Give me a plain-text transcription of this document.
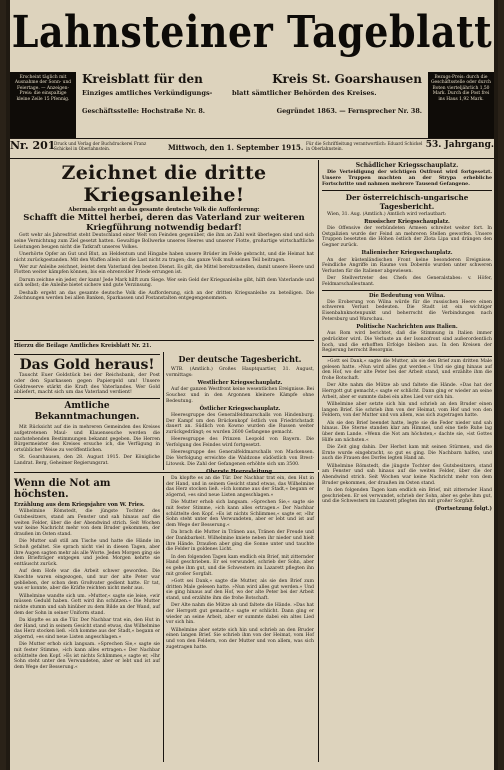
Lahnsteiner Tageblatt
Erscheint täglich mit Ausnahme der Sonn- und Feiertage. — Anzeigen-Preis: die einspaltige kleine Zeile 15 Pfennig.
Bezugs-Preis: durch die Geschäftsstelle oder durch Boten vierteljährlich 1,50 Mark. Durch die Post frei ins Haus 1,92 Mark.
Kreisblatt für den	Kreis St. Goarshausen
Einziges amtliches Verkündigungs-	blatt sämtlicher Behörden des Kreises.
Geschäftsstelle: Hochstraße Nr. 8.	Gegründet 1863. — Fernsprecher Nr. 38.
Nr. 201
Druck und Verlag der Buchdruckerei Franz Schickel in Oberlahnstein.	Mittwoch, den 1. September 1915. Für die Schriftleitung verantwortlich: Eduard Schickel in Oberlahnstein.	53. Jahrgang.
Zeichnet die dritte Kriegsanleihe!
Abermals ergeht an das gesamte deutsche Volk die Aufforderung:
Schafft die Mittel herbei, deren das Vaterland zur weiteren Kriegführung notwendig bedarf!

Gott wehr als Jahresfrist steht Deutschland einer Welt von Feinden gegenüber, die ihm an Zahl weit überlegen sind und sich seine Vernichtung zum Ziel gesetzt hatten. Gewaltige Bollwerke unseres Heeres und unserer Flotte, großartige wirtschaftliche Leistungen beugen nicht die Tatkraft unseres Volkes.

Unerhörte Opfer an Gut und Blut, an Heldentum und Hingabe haben unsere Brüder im Felde gebracht, und die Heimat hat nicht zurückgestanden. Mit den Waffen allein ist die Last nicht zu tragen; das ganze Volk muß seinen Teil beitragen.

Wer zur Anleihe zeichnet, leistet dem Vaterland den besten Dienst. Es gilt, die Mittel bereitzustellen, damit unsere Heere und Flotten weiter kämpfen können, bis ein ehrenvoller Friede errungen ist.

Darum zeichne ein jeder, der kann! Jede Mark hilft zum Siege. Wer sein Geld der Kriegsanleihe gibt, hilft dem Vaterlande und sich selbst; die Anleihe bietet sichere und gute Verzinsung.

Deshalb ergeht an das gesamte deutsche Volk die Aufforderung, sich an der dritten Kriegsanleihe zu beteiligen. Die Zeichnungen werden bei allen Banken, Sparkassen und Postanstalten entgegengenommen.

Hierzu die Beilage Amtliches Kreisblatt Nr. 21.
Das Gold heraus!

Tauscht Euer Goldstück bei der Reichsbank, der Post oder den Sparkassen gegen Papiergeld um! Unsere Goldreserve stärkt die Kraft des Vaterlandes. Wer Gold abliefert, macht sich um das Vaterland verdient!

Amtliche Bekanntmachungen.

Mit Rücksicht auf die in mehreren Gemeinden des Kreises aufgetretenen Maul- und Klauenseuche werden die nachstehenden Bestimmungen bekannt gegeben. Die Herren Bürgermeister des Kreises ersuche ich, die Verfügung in ortsüblicher Weise zu veröffentlichen.

St. Goarshausen, den 28. August 1915. Der Königliche Landrat. Berg, Geheimer Regierungsrat.

Der deutsche Tagesbericht.

WTB. (Amtlich.) Großes Hauptquartier, 31. August, vormittags:

Westlicher Kriegsschauplatz.

Auf der ganzen Westfront keine wesentlichen Ereignisse. Bei Souchez und in den Argonnen kleinere Kämpfe ohne Bedeutung.

Östlicher Kriegsschauplatz.

Heeresgruppe des Generalfeldmarschalls von Hindenburg. Der Kampf um den Brückenkopf östlich von Friedrichstadt dauert an. Südlich von Kowno wurden die Russen weiter zurückgedrängt; es wurden 2600 Gefangene gemacht.

Heeresgruppe des Prinzen Leopold von Bayern. Die Verfolgung des Feindes wird fortgesetzt.

Heeresgruppe des Generalfeldmarschalls von Mackensen. Die Verfolgung erreichte die Waldzone südöstlich von Brest-Litowsk. Die Zahl der Gefangenen erhöhte sich um 3500.

Oberste Heeresleitung.
Schädlicher Kriegsschauplatz.

Die Verteidigung der wichtigen Ostfront wird fortgesetzt. Unsere Truppen machten an der Strypa erhebliche Fortschritte und nahmen mehrere Tausend Gefangene.

Der österreichisch-ungarische Tagesbericht.

Wien, 31. Aug. (Amtlich.) Amtlich wird verlautbart:

Russischer Kriegsschauplatz.

Die Offensive der verbündeten Armeen schreitet weiter fort. In Ostgalizien wurde der Feind an mehreren Stellen geworfen. Unsere Truppen besetzten die Höhen östlich der Zlota Lipa und drängen den Gegner zurück.

Italienischer Kriegsschauplatz.

An der küstenländischen Front keine besonderen Ereignisse. Feindliche Angriffe im Raume von Doberdo wurden unter schweren Verlusten für die Italiener abgewiesen.

Der Stellvertreter des Chefs des Generalstabes: v. Höfer, Feldmarschalleutnant.

Die Bedeutung von Wilna.

Die Eroberung von Wilna würde für die russischen Heere einen schweren Verlust bedeuten. Die Stadt ist ein wichtiger Eisenbahnknotenpunkt und beherrscht die Verbindungen nach Petersburg und Warschau.

Politische Nachrichten aus Italien.

Aus Rom wird berichtet, daß die Stimmung in Italien immer gedrückter wird. Die Verluste an der Isonzofront sind außerordentlich hoch, und die erhofften Erfolge bleiben aus. In den Kreisen der Regierung herrscht Besorgnis.

»Gott sei Dank,« sagte die Mutter, als sie den Brief zum dritten Male gelesen hatte. »Nun wird alles gut werden.« Und sie ging hinaus auf den Hof, wo der alte Peter bei der Arbeit stand, und erzählte ihm die frohe Botschaft.

Der Alte nahm die Mütze ab und faltete die Hände. »Das hat der Herrgott gut gemacht,« sagte er schlicht. Dann ging er wieder an seine Arbeit, aber er summte dabei ein altes Lied vor sich hin.

Wilhelmine aber setzte sich hin und schrieb an den Bruder einen langen Brief. Sie schrieb ihm von der Heimat, vom Hof und von den Feldern, von der Mutter und von allem, was sich zugetragen hatte.

Als sie den Brief beendet hatte, legte sie die Feder nieder und sah hinaus. Die Sterne standen klar am Himmel, und eine tiefe Ruhe lag über dem Lande. »Wenn die Not am höchsten,« dachte sie, »ist Gottes Hilfe am nächsten.«

Die Zeit ging dahin. Der Herbst kam mit seinen Stürmen, und die Ernte wurde eingebracht, so gut es ging. Die Nachbarn halfen, und auch die Frauen des Dorfes legten Hand an.

Wilhelmine Römstedt, die jüngste Tochter des Gutsbesitzers, stand am Fenster und sah hinaus auf die weiten Felder, über die der Abendwind strich. Seit Wochen war keine Nachricht mehr von dem Bruder gekommen, der draußen im Osten stand.

In den folgenden Tagen kam endlich ein Brief, mit zitternder Hand geschrieben. Er sei verwundet, schrieb der Sohn, aber es gehe ihm gut, und die Schwestern im Lazarett pflegten ihn mit großer Sorgfalt.

(Fortsetzung folgt.)
Wenn die Not am höchsten.
Erzählung aus dem Kriegsjahre von W. Fries.

Wilhelmine Römstedt, die jüngste Tochter des Gutsbesitzers, stand am Fenster und sah hinaus auf die weiten Felder, über die der Abendwind strich. Seit Wochen war keine Nachricht mehr von dem Bruder gekommen, der draußen im Osten stand.

Die Mutter saß still am Tische und hatte die Hände im Schoß gefaltet. Sie sprach nicht viel in diesen Tagen, aber ihre Augen sagten mehr als alle Worte. Jeden Morgen ging sie dem Briefträger entgegen und jeden Morgen kehrte sie enttäuscht zurück.

Auf dem Hofe war die Arbeit schwer geworden. Die Knechte waren eingezogen, und nur der alte Peter war geblieben, der schon dem Großvater gedient hatte. Er tat, was er konnte, aber die Kräfte reichten nicht mehr aus.

Wilhelmine wandte sich um. »Mutter,« sagte sie leise, »wir müssen Geduld haben. Gott wird ihn schützen.« Die Mutter nickte stumm und sah hinüber zu dem Bilde an der Wand, auf dem der Sohn in seiner Uniform stand.

Da klopfte es an die Tür. Der Nachbar trat ein, den Hut in der Hand, und in seinem Gesicht stand etwas, das Wilhelmine das Herz stocken ließ. »Ich komme aus der Stadt,« begann er zögernd, »es sind neue Listen angeschlagen.«

Die Mutter erhob sich langsam. »Sprechen Sie,« sagte sie mit fester Stimme, »ich kann alles ertragen.« Der Nachbar schüttelte den Kopf. »Es ist nichts Schlimmes,« sagte er, »Ihr Sohn steht unter den Verwundeten, aber er lebt und ist auf dem Wege der Besserung.«

Da klopfte es an die Tür. Der Nachbar trat ein, den Hut in der Hand, und in seinem Gesicht stand etwas, das Wilhelmine das Herz stocken ließ. »Ich komme aus der Stadt,« begann er zögernd, »es sind neue Listen angeschlagen.«

Die Mutter erhob sich langsam. »Sprechen Sie,« sagte sie mit fester Stimme, »ich kann alles ertragen.« Der Nachbar schüttelte den Kopf. »Es ist nichts Schlimmes,« sagte er, »Ihr Sohn steht unter den Verwundeten, aber er lebt und ist auf dem Wege der Besserung.«

Da brach die Mutter in Tränen aus, Tränen der Freude und der Dankbarkeit. Wilhelmine kniete neben ihr nieder und hielt ihre Hände. Draußen aber ging die Sonne unter und tauchte die Felder in goldenes Licht.

In den folgenden Tagen kam endlich ein Brief, mit zitternder Hand geschrieben. Er sei verwundet, schrieb der Sohn, aber es gehe ihm gut, und die Schwestern im Lazarett pflegten ihn mit großer Sorgfalt.

»Gott sei Dank,« sagte die Mutter, als sie den Brief zum dritten Male gelesen hatte. »Nun wird alles gut werden.« Und sie ging hinaus auf den Hof, wo der alte Peter bei der Arbeit stand, und erzählte ihm die frohe Botschaft.

Der Alte nahm die Mütze ab und faltete die Hände. »Das hat der Herrgott gut gemacht,« sagte er schlicht. Dann ging er wieder an seine Arbeit, aber er summte dabei ein altes Lied vor sich hin.

Wilhelmine aber setzte sich hin und schrieb an den Bruder einen langen Brief. Sie schrieb ihm von der Heimat, vom Hof und von den Feldern, von der Mutter und von allem, was sich zugetragen hatte.
